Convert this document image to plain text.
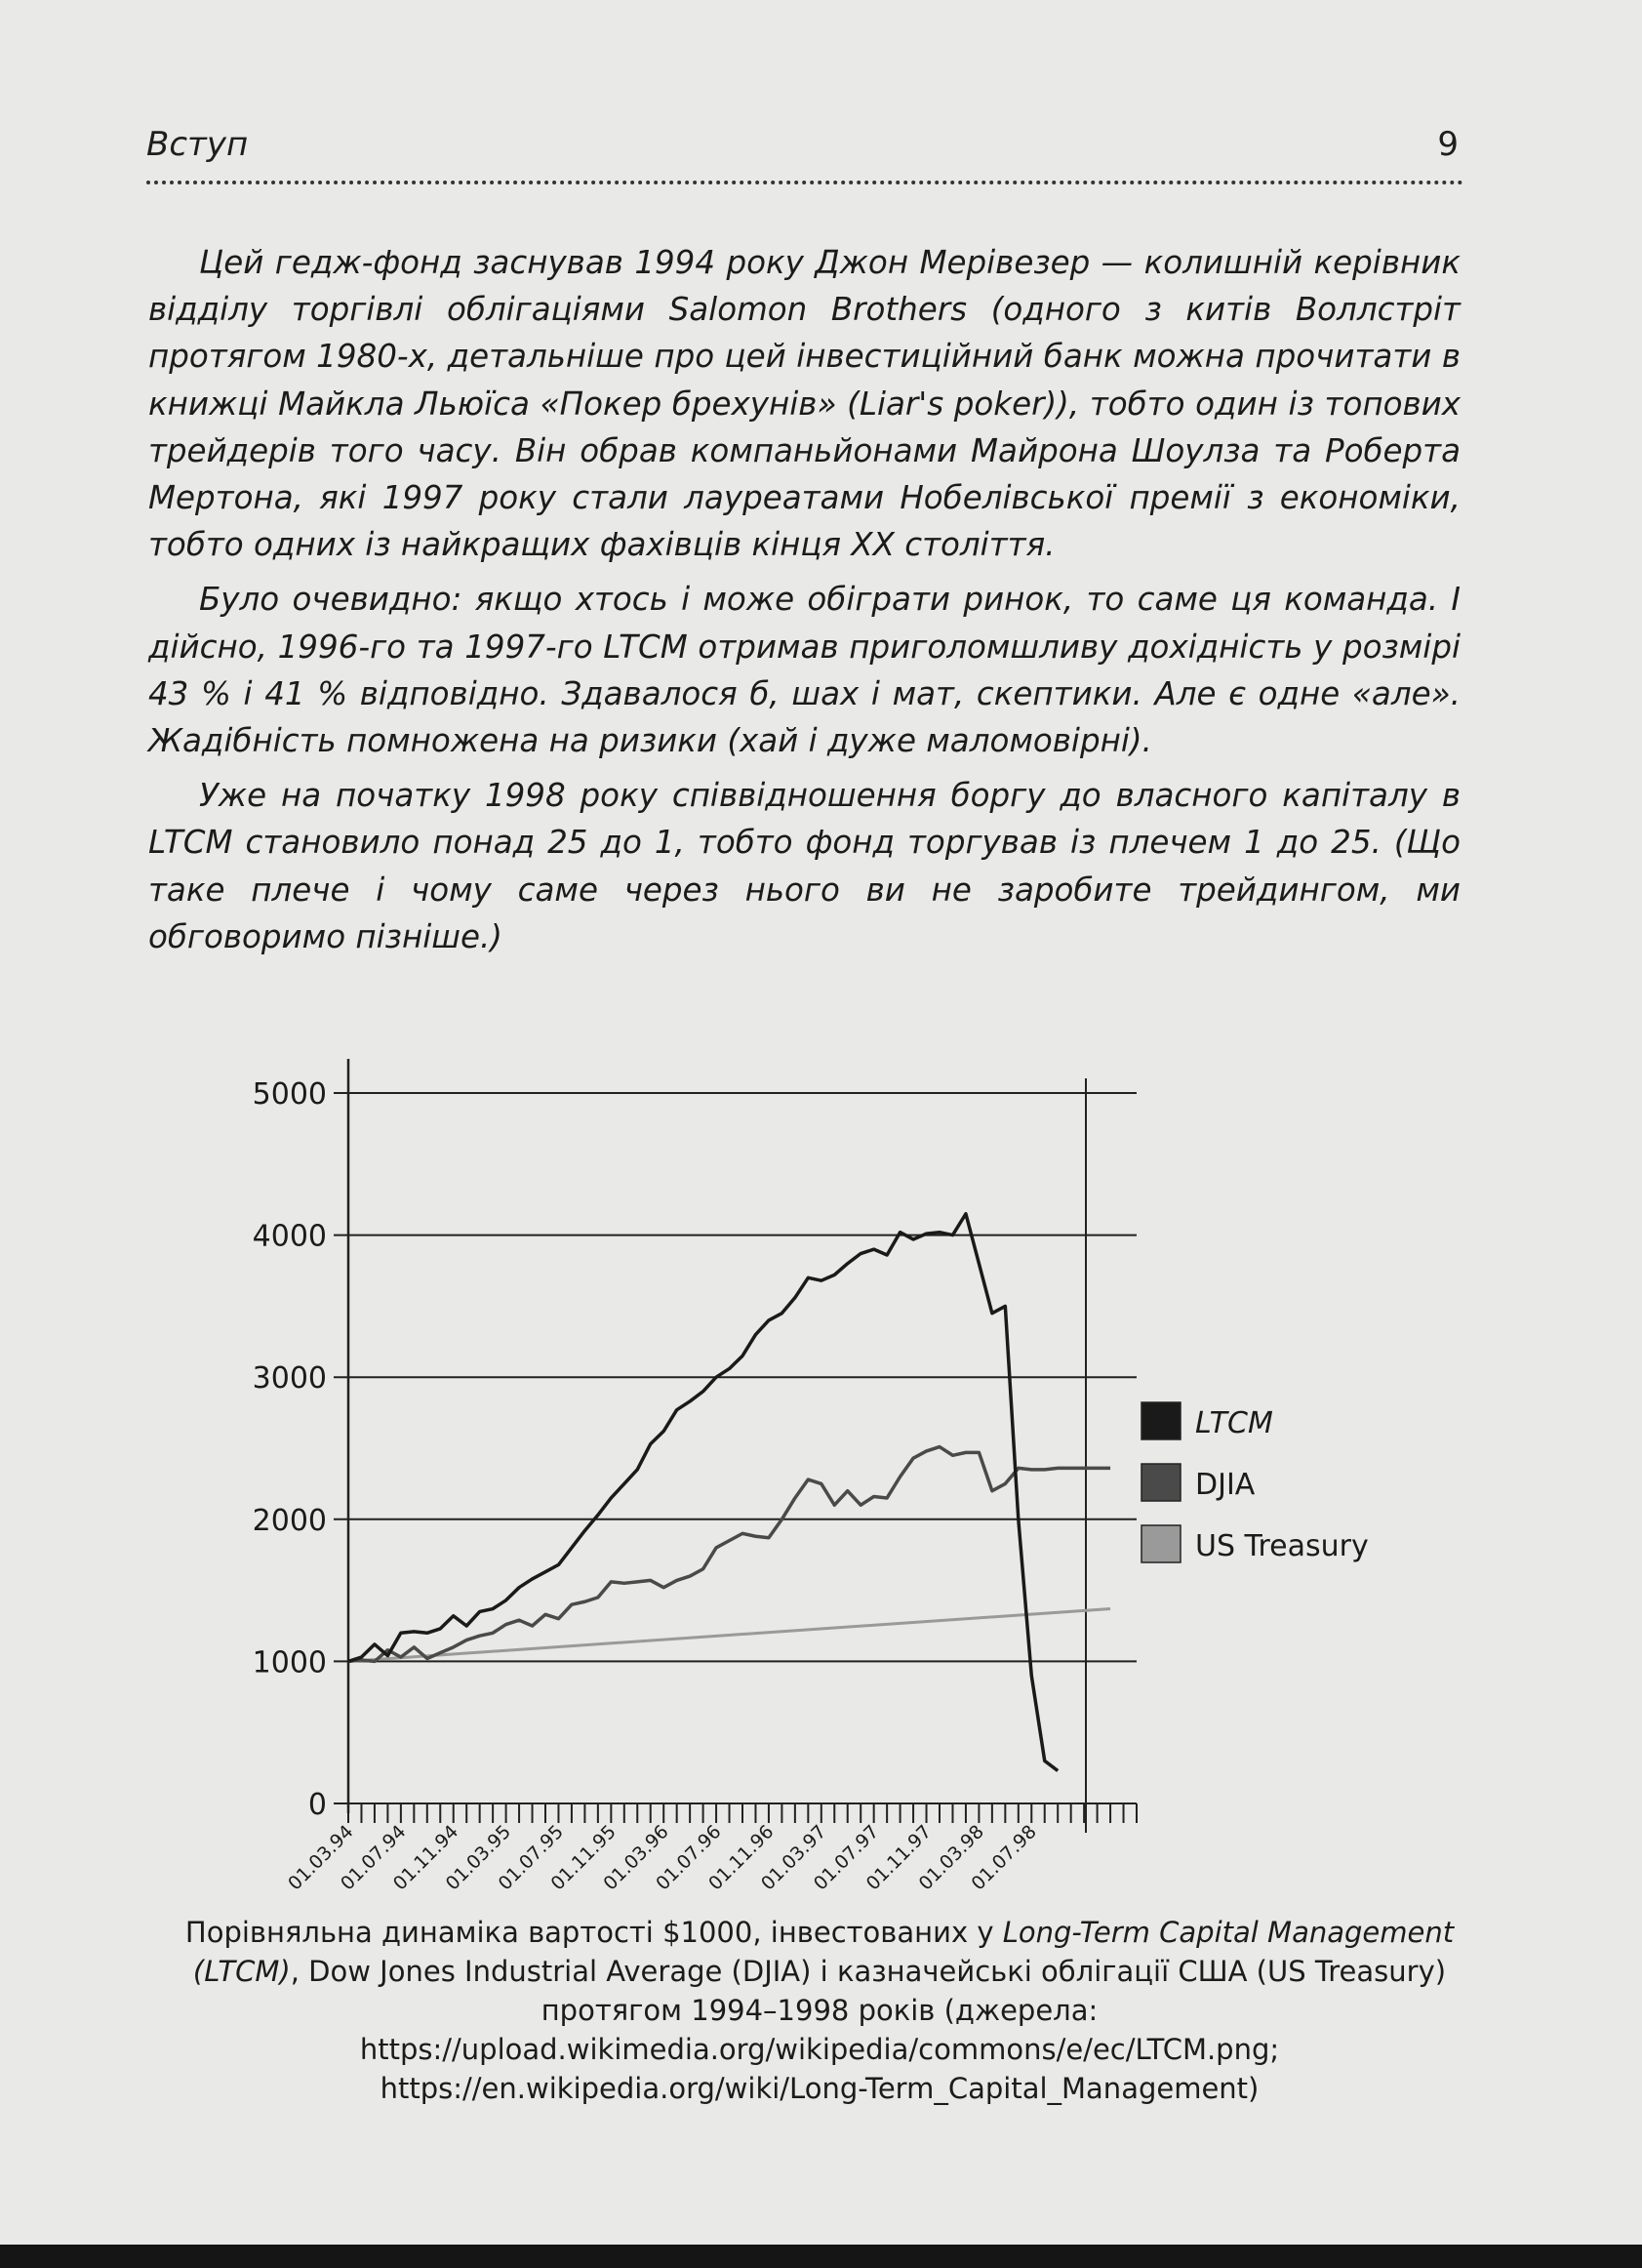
Вступ	9

Цей гедж-фонд заснував 1994 року Джон Мерівезер — колишній керівник відділу торгівлі облігаціями Salomon Brothers (одного з китів Воллстріт протягом 1980-х, детальніше про цей інвестиційний банк можна прочитати в книжці Майкла Льюїса «Покер брехунів» (Liar's poker)), тобто один із топових трейдерів того часу. Він обрав компаньйонами Майрона Шоулза та Роберта Мертона, які 1997 року стали лауреатами Нобелівської премії з економіки, тобто одних із найкращих фахівців кінця ХХ століття.

Було очевидно: якщо хтось і може обіграти ринок, то саме ця команда. І дійсно, 1996-го та 1997-го LTCM отримав приголомшливу дохідність у розмірі 43 % і 41 % відповідно. Здавалося б, шах і мат, скептики. Але є одне «але». Жадібність помножена на ризики (хай і дуже маломовірні).

Уже на початку 1998 року співвідношення боргу до власного капіталу в LTCM становило понад 25 до 1, тобто фонд торгував із плечем 1 до 25. (Що таке плече і чому саме через нього ви не заробите трейдингом, ми обговоримо пізніше.)

0
1000
2000
3000
4000
5000
01.03.94
01.07.94
01.11.94
01.03.95
01.07.95
01.11.95
01.03.96
01.07.96
01.11.96
01.03.97
01.07.97
01.11.97
01.03.98
01.07.98
LTCM
DJIA
US Treasury
Порівняльна динаміка вартості $1000, інвестованих у Long-Term Capital Management (LTCM), Dow Jones Industrial Average (DJIA) і казначейські облігації США (US Treasury) протягом 1994–1998 років (джерела: https://upload.wikimedia.org/wikipedia/commons/e/ec/LTCM.png; https://en.wikipedia.org/wiki/Long-Term_Capital_Management)
